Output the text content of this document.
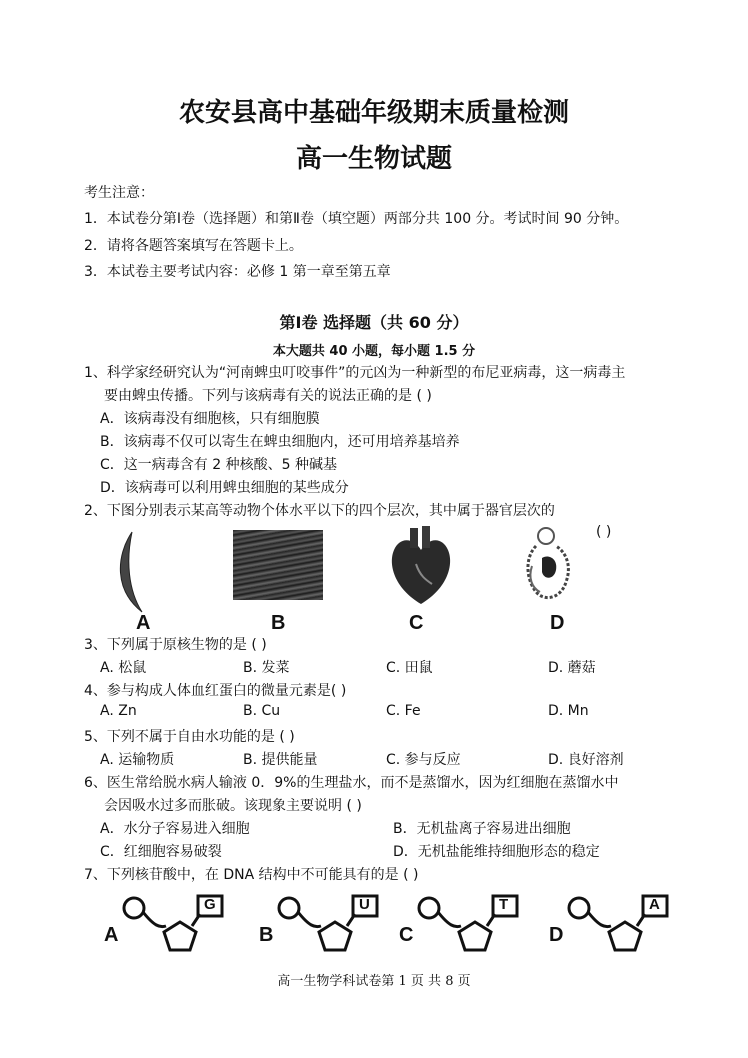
农安县高中基础年级期末质量检测
高一生物试题
考生注意：
1．本试卷分第Ⅰ卷（选择题）和第Ⅱ卷（填空题）两部分共 100 分。考试时间 90 分钟。
2．请将各题答案填写在答题卡上。
3．本试卷主要考试内容：必修 1 第一章至第五章
第Ⅰ卷 选择题（共 60 分）
本大题共 40 小题，每小题 1.5 分
1、科学家经研究认为“河南蜱虫叮咬事件”的元凶为一种新型的布尼亚病毒，这一病毒主
要由蜱虫传播。下列与该病毒有关的说法正确的是 ( )
A．该病毒没有细胞核，只有细胞膜
B．该病毒不仅可以寄生在蜱虫细胞内，还可用培养基培养
C．这一病毒含有 2 种核酸、5 种碱基
D．该病毒可以利用蜱虫细胞的某些成分
2、下图分别表示某高等动物个体水平以下的四个层次，其中属于器官层次的
( )
A	B	C	D
3、下列属于原核生物的是 ( )
A. 松鼠	B. 发菜	C. 田鼠	D. 蘑菇
4、参与构成人体血红蛋白的微量元素是( )
A. Zn	B. Cu	C. Fe	D. Mn
5、下列不属于自由水功能的是 ( )
A. 运输物质	B. 提供能量	C. 参与反应	D. 良好溶剂
6、医生常给脱水病人输液 0．9%的生理盐水，而不是蒸馏水，因为红细胞在蒸馏水中
会因吸水过多而胀破。该现象主要说明 ( )
A．水分子容易进入细胞	B．无机盐离子容易进出细胞
C．红细胞容易破裂	D．无机盐能维持细胞形态的稳定
7、下列核苷酸中，在 DNA 结构中不可能具有的是 ( )
A
G
B
U
C
T
D
A
高一生物学科试卷第 1 页 共 8 页
